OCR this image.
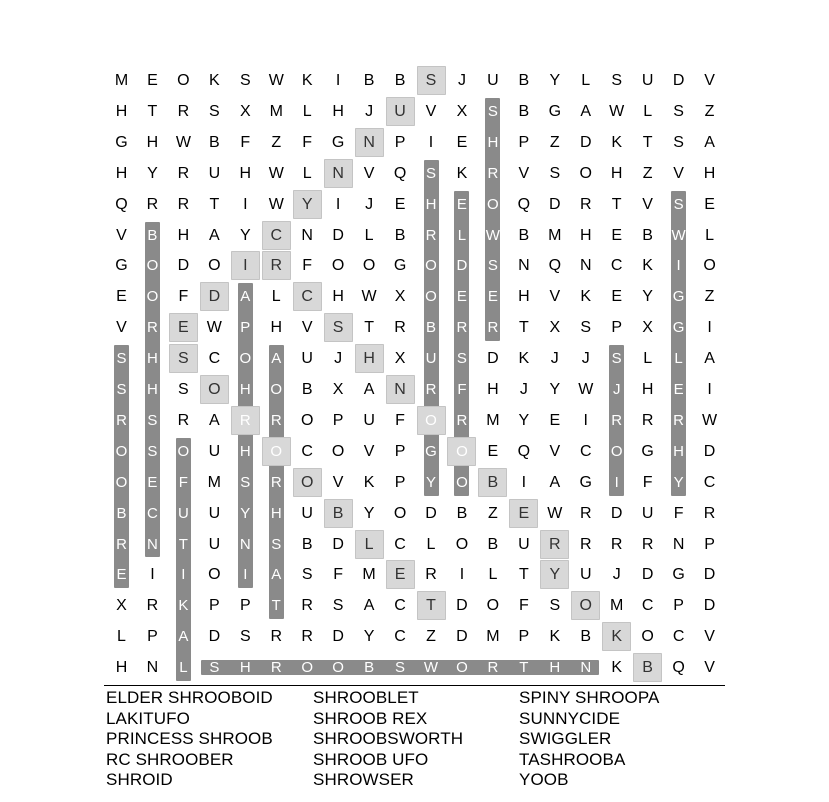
M	E	O	K	S	W	K	I	B	B	S	J	U	B	Y	L	S	U	D	V
H	T	R	S	X	M	L	H	J	U	V	X	S	B	G	A	W	L	S	Z
G	H	W	B	F	Z	F	G	N	P	I	E	H	P	Z	D	K	T	S	A
H	Y	R	U	H	W	L	N	V	Q	S	K	R	V	S	O	H	Z	V	H
Q	R	R	T	I	W	Y	I	J	E	H	E	O	Q	D	R	T	V	S	E
V	B	H	A	Y	C	N	D	L	B	R	L	W	B	M	H	E	B	W	L
G	O	D	O	I	R	F	O	O	G	O	D	S	N	Q	N	C	K	I	O
E	O	F	D	A	L	C	H	W	X	O	E	E	H	V	K	E	Y	G	Z
V	R	E	W	P	H	V	S	T	R	B	R	R	T	X	S	P	X	G	I
S	H	S	C	O	A	U	J	H	X	U	S	D	K	J	J	S	L	L	A
S	H	S	O	H	O	B	X	A	N	R	F	H	J	Y	W	J	H	E	I
R	S	R	A	R	R	O	P	U	F	O	R	M	Y	E	I	R	R	R	W
O	S	O	U	H	O	C	O	V	P	G	O	E	Q	V	C	O	G	H	D
O	E	F	M	S	R	O	V	K	P	Y	O	B	I	A	G	I	F	Y	C
B	C	U	U	Y	H	U	B	Y	O	D	B	Z	E	W	R	D	U	F	R
R	N	T	U	N	S	B	D	L	C	L	O	B	U	R	R	R	R	N	P
E	I	I	O	I	A	S	F	M	E	R	I	L	T	Y	U	J	D	G	D
X	R	K	P	P	T	R	S	A	C	T	D	O	F	S	O	M	C	P	D
L	P	A	D	S	R	R	D	Y	C	Z	D	M	P	K	B	K	O	C	V
H	N	L	S	H	R	O	O	B	S	W	O	R	T	H	N	K	B	Q	V
ELDER SHROOBOID
LAKITUFO
PRINCESS SHROOB
RC SHROOBER
SHROID
SHROOBLET
SHROOB REX
SHROOBSWORTH
SHROOB UFO
SHROWSER
SPINY SHROOPA
SUNNYCIDE
SWIGGLER
TASHROOBA
YOOB
